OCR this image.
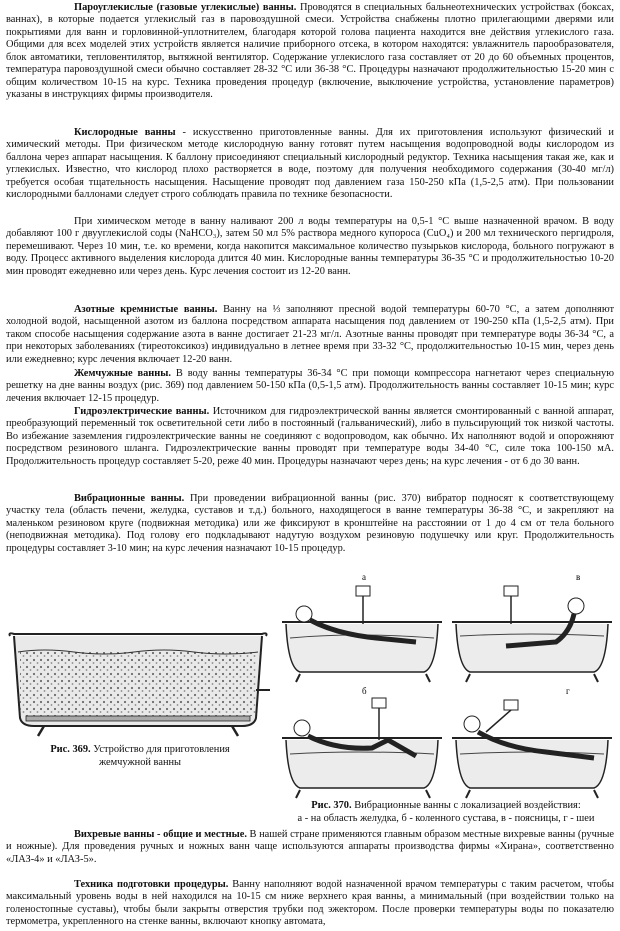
Пароуглекислые (газовые углекислые) ванны. Проводятся в специальных бальнеотехнических устройствах (боксах, ваннах), в которые подается углекислый газ в паровоздушной смеси. Устройства снабжены плотно прилегающими дверями или покрытиями для ванн и горловинной-уплотнителем, благодаря которой голова пациента находится вне действия углекислого газа. Общими для всех моделей этих устройств является наличие приборного отсека, в котором находятся: увлажнитель парообразователя, блок автоматики, тепловентилятор, вытяжной вентилятор. Содержание углекислого газа составляет от 20 до 60 объемных процентов, температура паровоздушной смеси обычно составляет 28-32 °С или 36-38 °С. Процедуры назначают продолжительностью 15-20 мин с общим количеством 10-15 на курс. Техника проведения процедур (включение, выключение устройства, установление параметров) указаны в инструкциях фирмы производителя.

Кислородные ванны - искусственно приготовленные ванны. Для их приготовления используют физический и химический методы. При физическом методе кислородную ванну готовят путем насыщения водопроводной воды кислородом из баллона через аппарат насыщения. К баллону присоединяют специальный кислородный редуктор. Техника насыщения такая же, как и углекислых. Известно, что кислород плохо растворяется в воде, поэтому для получения необходимого содержания (30-40 мг/л) требуется особая тщательность насыщения. Насыщение проводят под давлением газа 150-250 кПа (1,5-2,5 атм). При пользовании кислородными баллонами следует строго соблюдать правила по технике безопасности.

При химическом методе в ванну наливают 200 л воды температуры на 0,5-1 °С выше назначенной врачом. В воду добавляют 100 г двууглекислой соды (NaHCO₃), затем 50 мл 5% раствора медного купороса (CuO₄) и 200 мл технического пергидроля, перемешивают. Через 10 мин, т.е. ко времени, когда накопится максимальное количество пузырьков кислорода, больного погружают в воду. Процесс активного выделения кислорода длится 40 мин. Кислородные ванны температуры 36-35 °С и продолжительностью 10-20 мин проводят ежедневно или через день. Курс лечения состоит из 12-20 ванн.

Азотные кремнистые ванны. Ванну на ⅓ заполняют пресной водой температуры 60-70 °С, а затем дополняют холодной водой, насыщенной азотом из баллона посредством аппарата насыщения под давлением от 190-250 кПа (1,5-2,5 атм). При таком способе насыщения содержание азота в ванне достигает 21-23 мг/л. Азотные ванны проводят при температуре воды 36-34 °С, а при некоторых заболеваниях (тиреотоксикоз) индивидуально в летнее время при 33-32 °С, продолжительностью 10-15 мин, через день или ежедневно; курс лечения включает 12-20 ванн.

Жемчужные ванны. В воду ванны температуры 36-34 °С при помощи компрессора нагнетают через специальную решетку на дне ванны воздух (рис. 369) под давлением 50-150 кПа (0,5-1,5 атм). Продолжительность ванны составляет 10-15 мин; курс лечения включает 12-15 процедур.

Гидроэлектрические ванны. Источником для гидроэлектрической ванны является смонтированный с ванной аппарат, преобразующий переменный ток осветительной сети либо в постоянный (гальванический), либо в пульсирующий ток низкой частоты. Во избежание заземления гидроэлектрические ванны не соединяют с водопроводом, как обычно. Их наполняют водой и опорожняют посредством резинового шланга. Гидроэлектрические ванны проводят при температуре воды 34-40 °С, силе тока 100-150 мА. Продолжительность процедур составляет 5-20, реже 40 мин. Процедуры назначают через день; на курс лечения - от 6 до 30 ванн.

Вибрационные ванны. При проведении вибрационной ванны (рис. 370) вибратор подносят к соответствующему участку тела (область печени, желудка, суставов и т.д.) больного, находящегося в ванне температуры 36-38 °С, и закрепляют на маленьком резиновом круге (подвижная методика) или же фиксируют в кронштейне на расстоянии от 1 до 4 см от тела больного (неподвижная методика). Под голову его подкладывают надутую воздухом резиновую подушечку или круг. Продолжительность процедуры составляет 3-10 мин; на курс лечения назначают 10-15 процедур.

Рис. 369. Устройство для приготовления жемчужной ванны
а	в
б	г
Рис. 370. Вибрационные ванны с локализацией воздействия:
а - на область желудка, б - коленного сустава, в - поясницы, г - шеи

Вихревые ванны - общие и местные. В нашей стране применяются главным образом местные вихревые ванны (ручные и ножные). Для проведения ручных и ножных ванн чаще используются аппараты производства фирмы «Хирана», соответственно «ЛАЗ-4» и «ЛАЗ-5».

Техника подготовки процедуры. Ванну наполняют водой назначенной врачом температуры с таким расчетом, чтобы максимальный уровень воды в ней находился на 10-15 см ниже верхнего края ванны, а минимальный (при воздействии только на голеностопные суставы), чтобы были закрыты отверстия трубки под эжектором. После проверки температуры воды по показателю термометра, укрепленного на стенке ванны, включают кнопку автомата,
